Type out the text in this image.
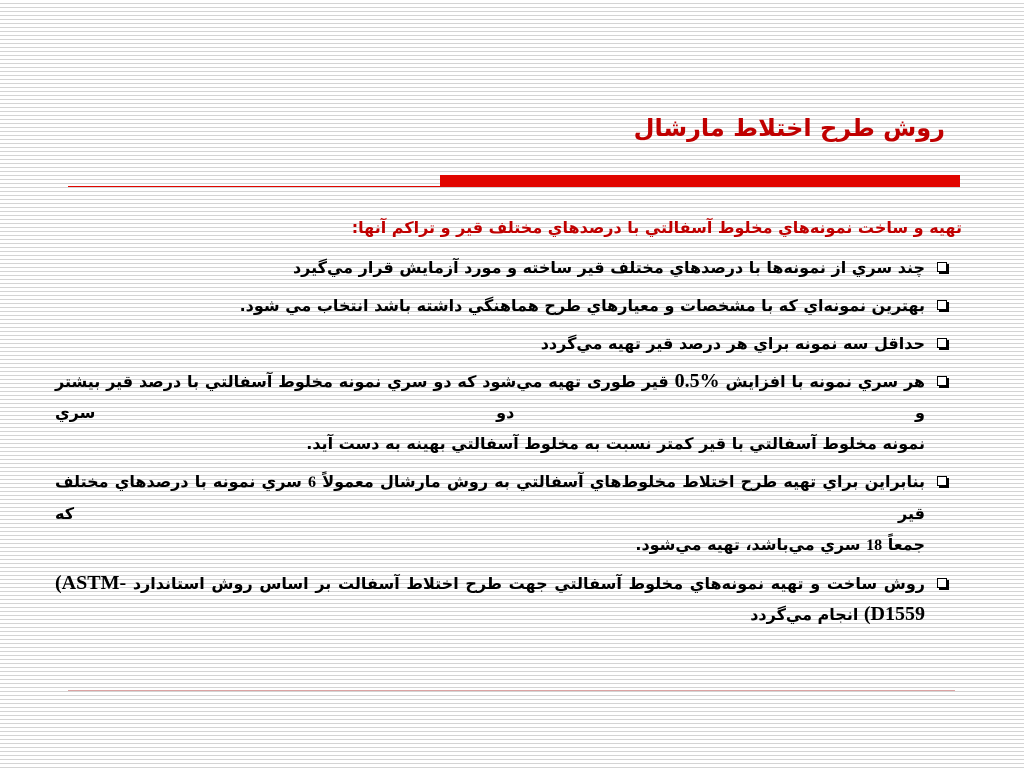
روش طرح اختلاط مارشال
تهيه و ساخت نمونه‌هاي مخلوط آسفالتي با درصدهاي مختلف قير و تراكم آنها:
چند سري از نمونه‌ها با درصدهاي مختلف قير ساخته و مورد آزمايش قرار مي‌گيرد
بهترين نمونه‌اي كه با مشخصات و معيارهاي طرح هماهنگي داشته باشد انتخاب مي شود.
حداقل سه نمونه براي هر درصد قير تهيه مي‌گردد
هر سري نمونه با افزايش 0.5% قير طوری تهيه مي‌شود كه دو سري نمونه مخلوط آسفالتي با درصد قير بيشتر و دو سري
نمونه مخلوط آسفالتي با قير كمتر نسبت به مخلوط آسفالتي بهينه به دست آيد.
بنابراين براي تهيه طرح اختلاط مخلوط‌هاي آسفالتي به روش مارشال معمولاً 6 سري نمونه با درصدهاي مختلف قير كه
جمعاً 18 سري مي‌باشد، تهيه مي‌شود.
روش ساخت و تهيه نمونه‌هاي مخلوط آسفالتي جهت طرح اختلاط آسفالت بر اساس روش استاندارد (ASTM-
(D1559 انجام مي‌گردد
